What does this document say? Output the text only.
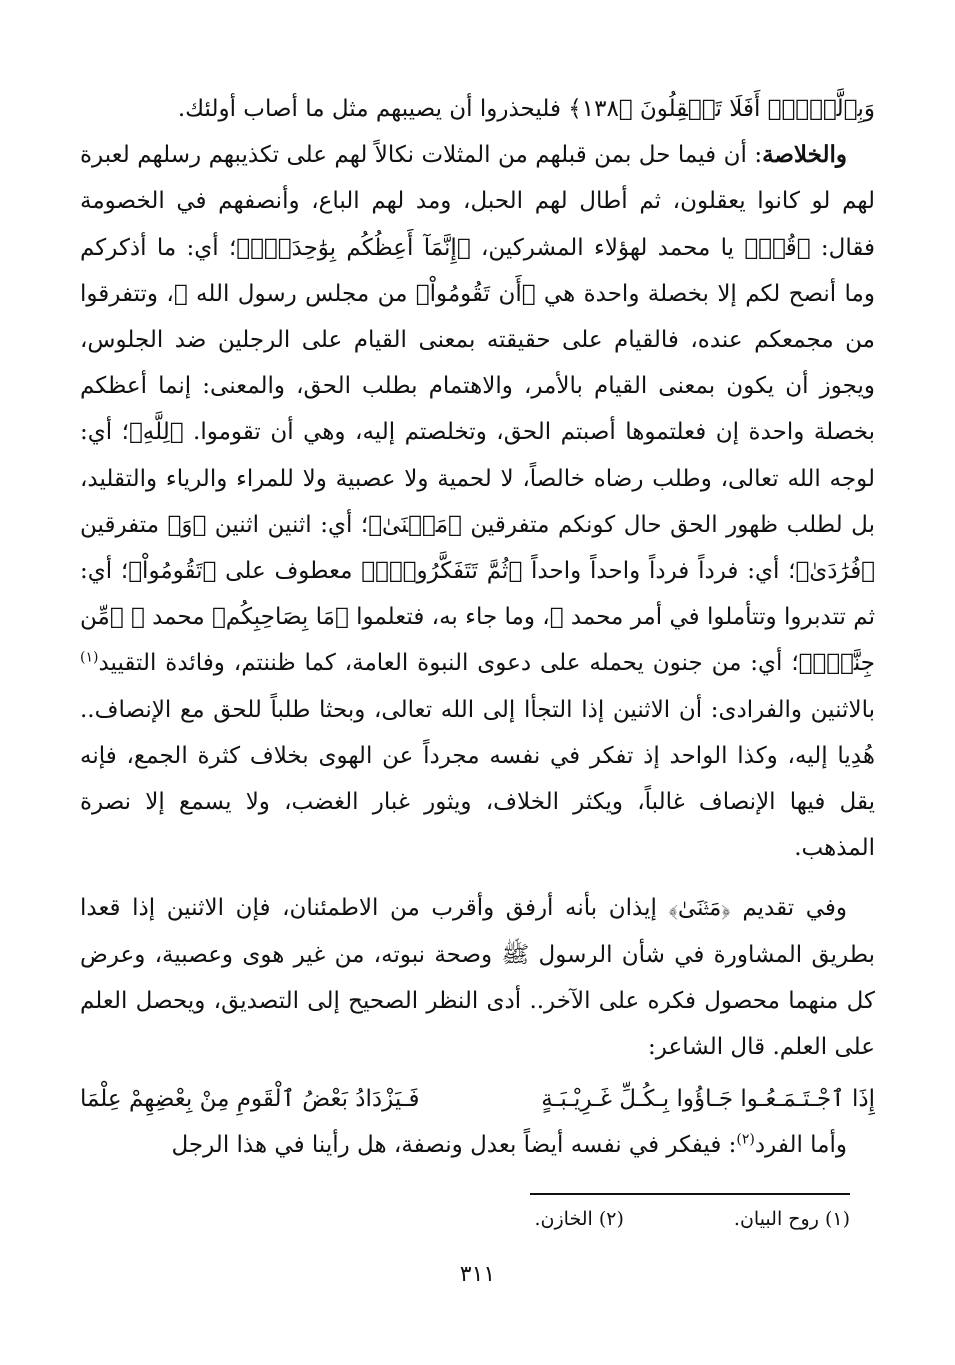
وَبِٱلَّيۡلِۚ أَفَلَا تَعۡقِلُونَ ﴿١٣٨﴾ فليحذروا أن يصيبهم مثل ما أصاب أولئك.

والخلاصة: أن فيما حل بمن قبلهم من المثلات نكالاً لهم على تكذيبهم رسلهم لعبرة لهم لو كانوا يعقلون، ثم أطال لهم الحبل، ومد لهم الباع، وأنصفهم في الخصومة فقال: ﴿قُلۡ﴾ يا محمد لهؤلاء المشركين، ﴿إِنَّمَآ أَعِظُكُم بِوَٰحِدَةٍۖ﴾؛ أي: ما أذكركم وما أنصح لكم إلا بخصلة واحدة هي ﴿أَن تَقُومُواْ﴾ من مجلس رسول الله ﷺ، وتتفرقوا من مجمعكم عنده، فالقيام على حقيقته بمعنى القيام على الرجلين ضد الجلوس، ويجوز أن يكون بمعنى القيام بالأمر، والاهتمام بطلب الحق، والمعنى: إنما أعظكم بخصلة واحدة إن فعلتموها أصبتم الحق، وتخلصتم إليه، وهي أن تقوموا. ﴿لِلَّهِ﴾؛ أي: لوجه الله تعالى، وطلب رضاه خالصاً، لا لحمية ولا عصبية ولا للمراء والرياء والتقليد، بل لطلب ظهور الحق حال كونكم متفرقين ﴿مَثۡنَىٰ﴾؛ أي: اثنين اثنين ﴿وَ﴾ متفرقين ﴿فُرَٰدَىٰ﴾؛ أي: فرداً فرداً واحداً واحداً ﴿ثُمَّ تَتَفَكَّرُواْۚ﴾ معطوف على ﴿تَقُومُواْ﴾؛ أي: ثم تتدبروا وتتأملوا في أمر محمد ﷺ، وما جاء به، فتعلموا ﴿مَا بِصَاحِبِكُم﴾ محمد ﷺ ﴿مِّن جِنَّةٍۚ﴾؛ أي: من جنون يحمله على دعوى النبوة العامة، كما ظننتم، وفائدة التقييد$^{(١)}$ بالاثنين والفرادى: أن الاثنين إذا التجأا إلى الله تعالى، وبحثا طلباً للحق مع الإنصاف.. هُدِيا إليه، وكذا الواحد إذ تفكر في نفسه مجرداً عن الهوى بخلاف كثرة الجمع، فإنه يقل فيها الإنصاف غالباً، ويكثر الخلاف، ويثور غبار الغضب، ولا يسمع إلا نصرة المذهب.

وفي تقديم ﴿مَثۡنَىٰ﴾ إيذان بأنه أرفق وأقرب من الاطمئنان، فإن الاثنين إذا قعدا بطريق المشاورة في شأن الرسول ﷺ وصحة نبوته، من غير هوى وعصبية، وعرض كل منهما محصول فكره على الآخر.. أدى النظر الصحيح إلى التصديق، ويحصل العلم على العلم. قال الشاعر:

إِذَا ٱجْـتَـمَـعُـوا جَـاؤُوا بِـكُـلِّ غَـرِيْـبَـةٍ
فَـيَزْدَادُ بَعْضُ ٱلْقَومِ مِنْ بِعْضِهِمْ عِلْمَا

وأما الفرد$^{(٢)}$: فيفكر في نفسه أيضاً بعدل ونصفة، هل رأينا في هذا الرجل

(١) روح البيان.
(٢) الخازن.
٣١١
